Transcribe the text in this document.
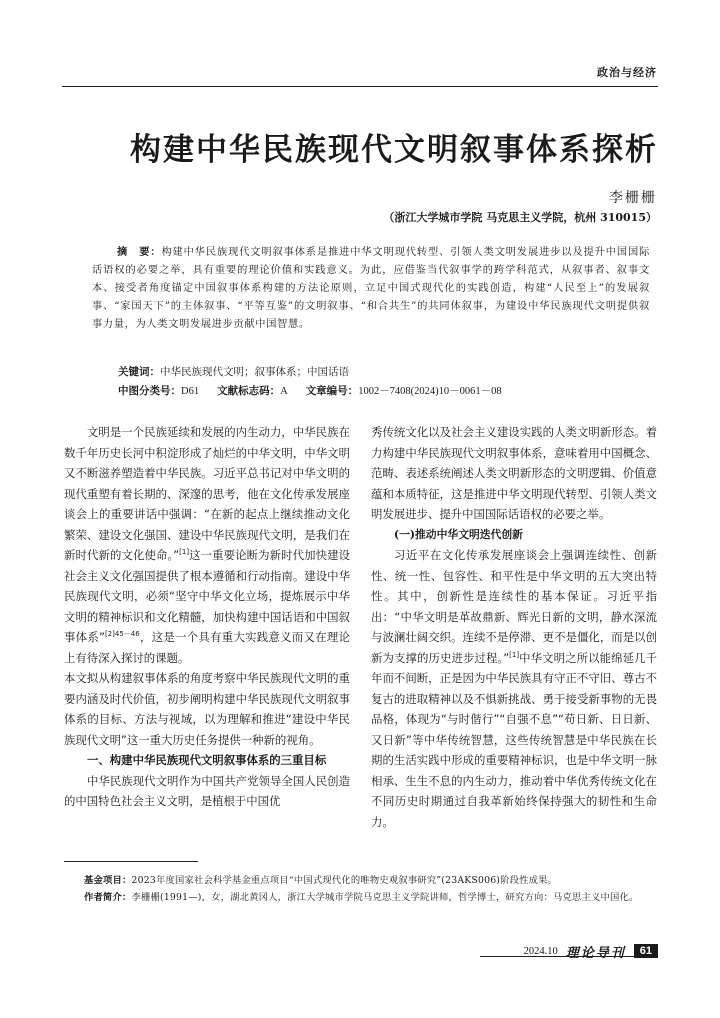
政治与经济
构建中华民族现代文明叙事体系探析
李栅栅
（浙江大学城市学院 马克思主义学院，杭州 310015）
摘　要：构建中华民族现代文明叙事体系是推进中华文明现代转型、引领人类文明发展进步以及提升中国国际话语权的必要之举，具有重要的理论价值和实践意义。为此，应借鉴当代叙事学的跨学科范式，从叙事者、叙事文本、接受者角度锚定中国叙事体系构建的方法论原则，立足中国式现代化的实践创造，构建“人民至上”的发展叙事、“家国天下”的主体叙事、“平等互鉴”的文明叙事、“和合共生”的共同体叙事，为建设中华民族现代文明提供叙事力量，为人类文明发展进步贡献中国智慧。
关键词：中华民族现代文明；叙事体系；中国话语
中图分类号：D61 文献标志码：A 文章编号：1002－7408(2024)10－0061－08

文明是一个民族延续和发展的内生动力，中华民族在数千年历史长河中积淀形成了灿烂的中华文明，中华文明又不断滋养塑造着中华民族。习近平总书记对中华文明的现代重塑有着长期的、深邃的思考，他在文化传承发展座谈会上的重要讲话中强调：“在新的起点上继续推动文化繁荣、建设文化强国、建设中华民族现代文明，是我们在新时代新的文化使命。”[1]这一重要论断为新时代加快建设社会主义文化强国提供了根本遵循和行动指南。建设中华民族现代文明，必须“坚守中华文化立场，提炼展示中华文明的精神标识和文化精髓，加快构建中国话语和中国叙事体系”$^{[2]45-46}$，这是一个具有重大实践意义而又在理论上有待深入探讨的课题。

本文拟从构建叙事体系的角度考察中华民族现代文明的重要内涵及时代价值，初步阐明构建中华民族现代文明叙事体系的目标、方法与视域，以为理解和推进“建设中华民族现代文明”这一重大历史任务提供一种新的视角。

一、构建中华民族现代文明叙事体系的三重目标

中华民族现代文明作为中国共产党领导全国人民创造的中国特色社会主义文明，是植根于中国优

秀传统文化以及社会主义建设实践的人类文明新形态。着力构建中华民族现代文明叙事体系，意味着用中国概念、范畴、表述系统阐述人类文明新形态的文明逻辑、价值意蕴和本质特征，这是推进中华文明现代转型、引领人类文明发展进步、提升中国国际话语权的必要之举。

(一)推动中华文明迭代创新

习近平在文化传承发展座谈会上强调连续性、创新性、统一性、包容性、和平性是中华文明的五大突出特性。其中，创新性是连续性的基本保证。习近平指出：“中华文明是革故鼎新、辉光日新的文明，静水深流与波澜壮阔交织。连续不是停滞、更不是僵化，而是以创新为支撑的历史进步过程。”[1]中华文明之所以能绵延几千年而不间断，正是因为中华民族具有守正不守旧、尊古不复古的进取精神以及不惧新挑战、勇于接受新事物的无畏品格，体现为“与时偕行”“自强不息”“苟日新、日日新、又日新”等中华传统智慧，这些传统智慧是中华民族在长期的生活实践中形成的重要精神标识，也是中华文明一脉相承、生生不息的内生动力，推动着中华优秀传统文化在不同历史时期通过自我革新始终保持强大的韧性和生命力。

基金项目：2023年度国家社会科学基金重点项目“中国式现代化的唯物史观叙事研究”(23AKS006)阶段性成果。

作者简介：李栅栅(1991—)，女，湖北黄冈人，浙江大学城市学院马克思主义学院讲师，哲学博士，研究方向：马克思主义中国化。

2024.10 理论导刊	61
